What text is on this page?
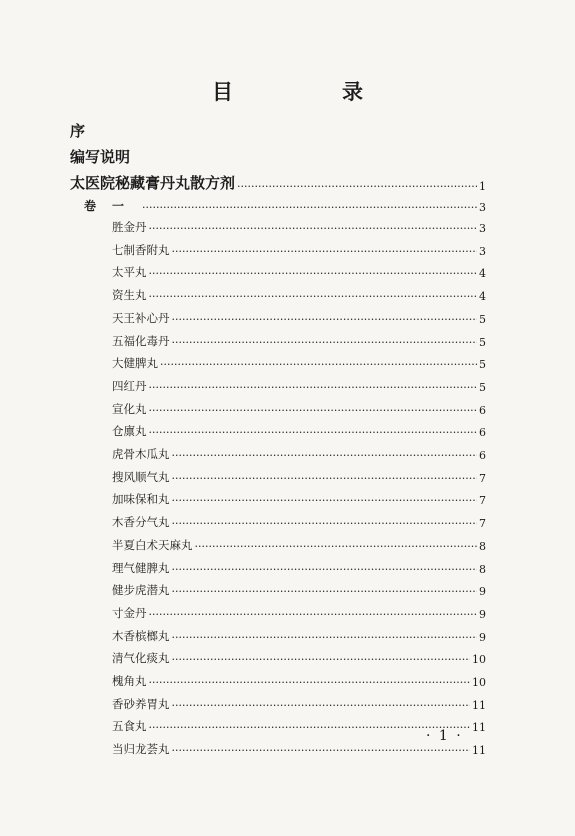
目　录
序
编写说明
太医院秘藏膏丹丸散方剂 ·····	1
卷一 ·····	3
胜金丹 ·····	3
七制香附丸 ·····	3
太平丸 ·····	4
资生丸 ·····	4
天王补心丹 ·····	5
五福化毒丹 ·····	5
大健脾丸 ·····	5
四红丹 ·····	5
宣化丸 ·····	6
仓廪丸 ·····	6
虎骨木瓜丸 ·····	6
搜风顺气丸 ·····	7
加味保和丸 ·····	7
木香分气丸 ·····	7
半夏白术天麻丸 ·····	8
理气健脾丸 ·····	8
健步虎潜丸 ·····	9
寸金丹 ·····	9
木香槟榔丸 ·····	9
清气化痰丸 ·····	10
槐角丸 ·····	10
香砂养胃丸 ·····	11
五食丸 ·····	11
当归龙荟丸 ·····	11
· 1 ·
